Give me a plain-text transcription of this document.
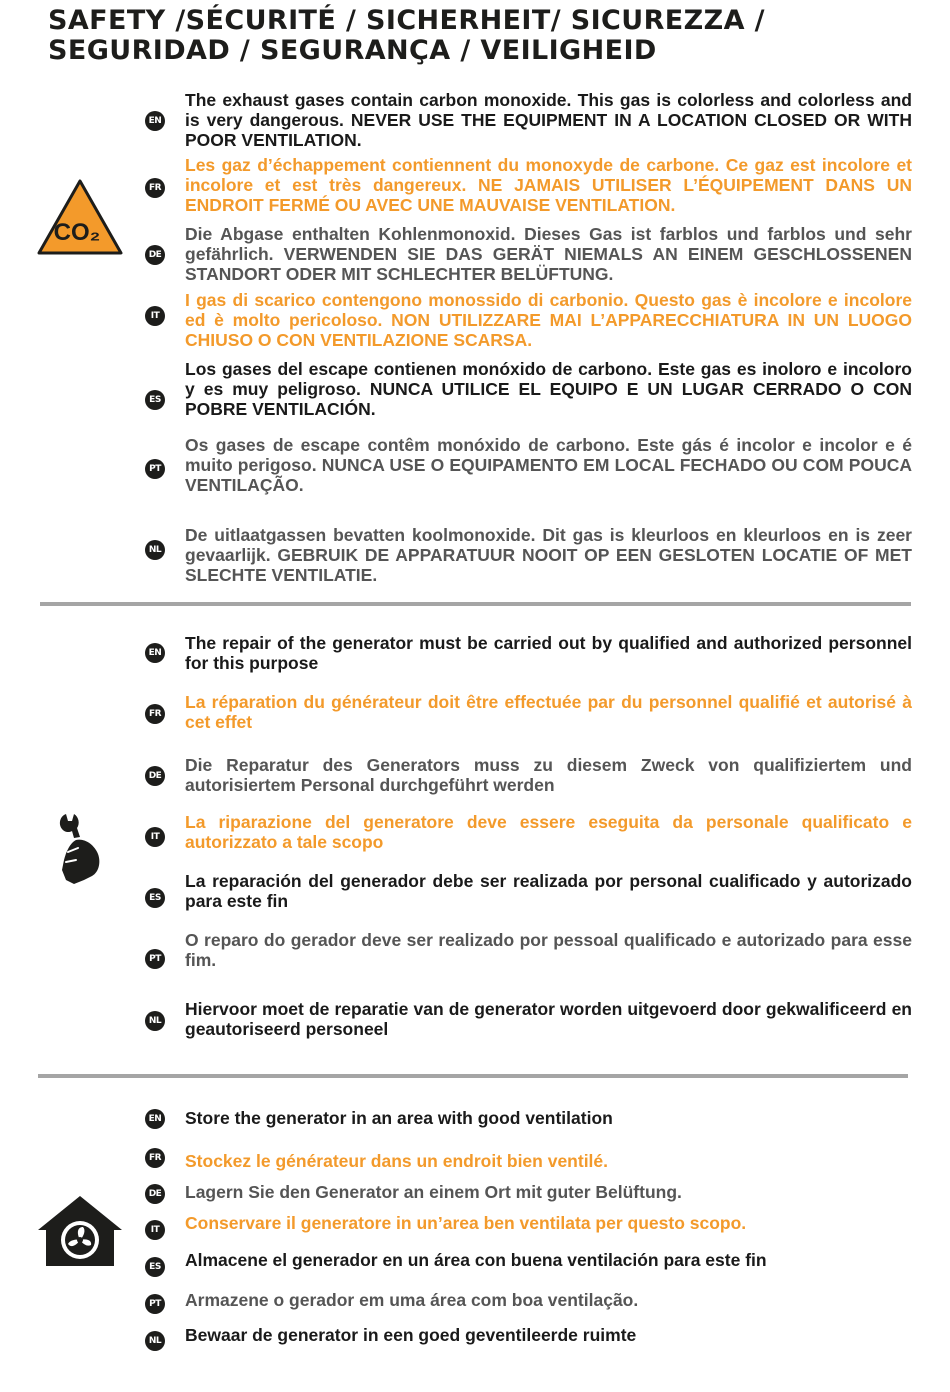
SAFETY /SÉCURITÉ / SICHERHEIT/ SICUREZZA / SEGURIDAD / SEGURANÇA / VEILIGHEID
CO₂
EN

The exhaust gases contain carbon monoxide. This gas is colorless and colorless and is very dangerous. NEVER USE THE EQUIPMENT IN A LOCATION CLOSED OR WITH POOR VENTILATION.

FR

Les gaz d’échappement contiennent du monoxyde de carbone. Ce gaz est incolore et incolore et est très dangereux. NE JAMAIS UTILISER L’ÉQUIPEMENT DANS UN ENDROIT FERMÉ OU AVEC UNE MAUVAISE VENTILATION.

DE

Die Abgase enthalten Kohlenmonoxid. Dieses Gas ist farblos und farblos und sehr gefährlich. VERWENDEN SIE DAS GERÄT NIEMALS AN EINEM GESCHLOSSENEN STANDORT ODER MIT SCHLECHTER BELÜFTUNG.

IT

I gas di scarico contengono monossido di carbonio. Questo gas è incolore e incolore ed è molto pericoloso. NON UTILIZZARE MAI L’APPARECCHIATURA IN UN LUOGO CHIUSO O CON VENTILAZIONE SCARSA.

ES

Los gases del escape contienen monóxido de carbono. Este gas es inoloro e incoloro y es muy peligroso. NUNCA UTILICE EL EQUIPO E UN LUGAR CERRADO O CON POBRE VENTILACIÓN.

PT

Os gases de escape contêm monóxido de carbono. Este gás é incolor e incolor e é muito perigoso. NUNCA USE O EQUIPAMENTO EM LOCAL FECHADO OU COM POUCA VENTILAÇÃO.

NL

De uitlaatgassen bevatten koolmonoxide. Dit gas is kleurloos en kleurloos en is zeer gevaarlijk. GEBRUIK DE APPARATUUR NOOIT OP EEN GESLOTEN LOCATIE OF MET SLECHTE VENTILATIE.

EN The repair of the generator must be carried out by qualified and authorized personnel for this purpose

FR

La réparation du générateur doit être effectuée par du personnel qualifié et autorisé à cet effet

DE

Die Reparatur des Generators muss zu diesem Zweck von qualifiziertem und autorisiertem Personal durchgeführt werden

IT

La riparazione del generatore deve essere eseguita da personale qualificato e autorizzato a tale scopo

ES

La reparación del generador debe ser realizada por personal cualificado y autorizado para este fin

PT

O reparo do gerador deve ser realizado por pessoal qualificado e autorizado para esse fim.

NL

Hiervoor moet de reparatie van de generator worden uitgevoerd door gekwalificeerd en geautoriseerd personeel

EN Store the generator in an area with good ventilation

FR Stockez le générateur dans un endroit bien ventilé.

DE Lagern Sie den Generator an einem Ort mit guter Belüftung.

IT	Conservare il generatore in un’area ben ventilata per questo scopo.

ES Almacene el generador en un área con buena ventilación para este fin

PT Armazene o gerador em uma área com boa ventilação.

NL Bewaar de generator in een goed geventileerde ruimte
